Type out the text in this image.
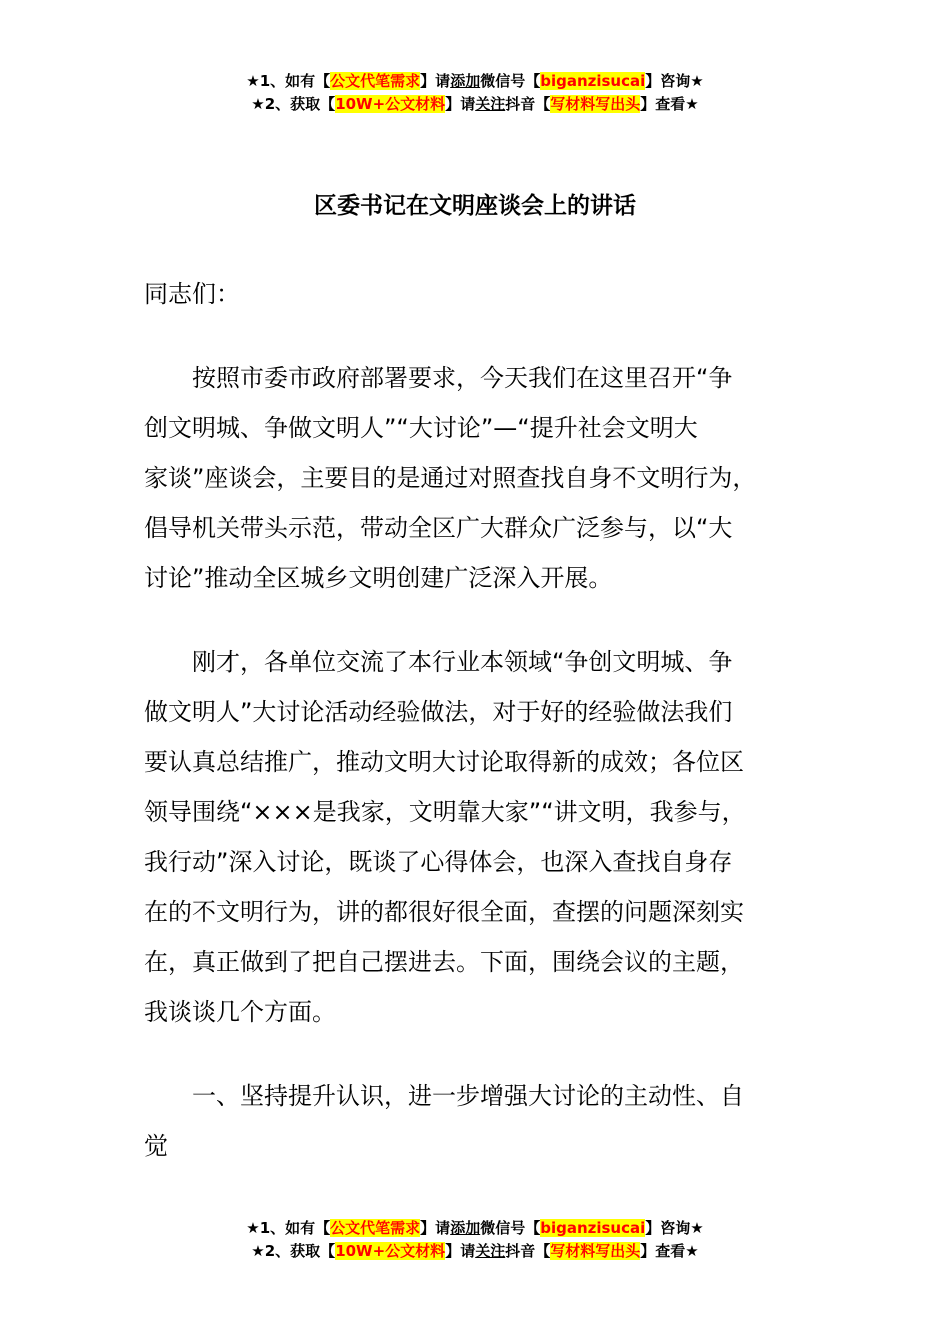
★1、如有【公文代笔需求】请添加微信号【biganzisucai】咨询★
★2、获取【10W+公文材料】请关注抖音【写材料写出头】查看★
区委书记在文明座谈会上的讲话

同志们：

按照市委市政府部署要求，今天我们在这里召开“争

创文明城、争做文明人”“大讨论”—“提升社会文明大

家谈”座谈会，主要目的是通过对照查找自身不文明行为，

倡导机关带头示范，带动全区广大群众广泛参与，以“大

讨论”推动全区城乡文明创建广泛深入开展。

刚才，各单位交流了本行业本领域“争创文明城、争

做文明人”大讨论活动经验做法，对于好的经验做法我们

要认真总结推广，推动文明大讨论取得新的成效；各位区

领导围绕“×××是我家，文明靠大家”“讲文明，我参与，

我行动”深入讨论，既谈了心得体会，也深入查找自身存

在的不文明行为，讲的都很好很全面，查摆的问题深刻实

在，真正做到了把自己摆进去。下面，围绕会议的主题，

我谈谈几个方面。

一、坚持提升认识，进一步增强大讨论的主动性、自

觉

★1、如有【公文代笔需求】请添加微信号【biganzisucai】咨询★
★2、获取【10W+公文材料】请关注抖音【写材料写出头】查看★
